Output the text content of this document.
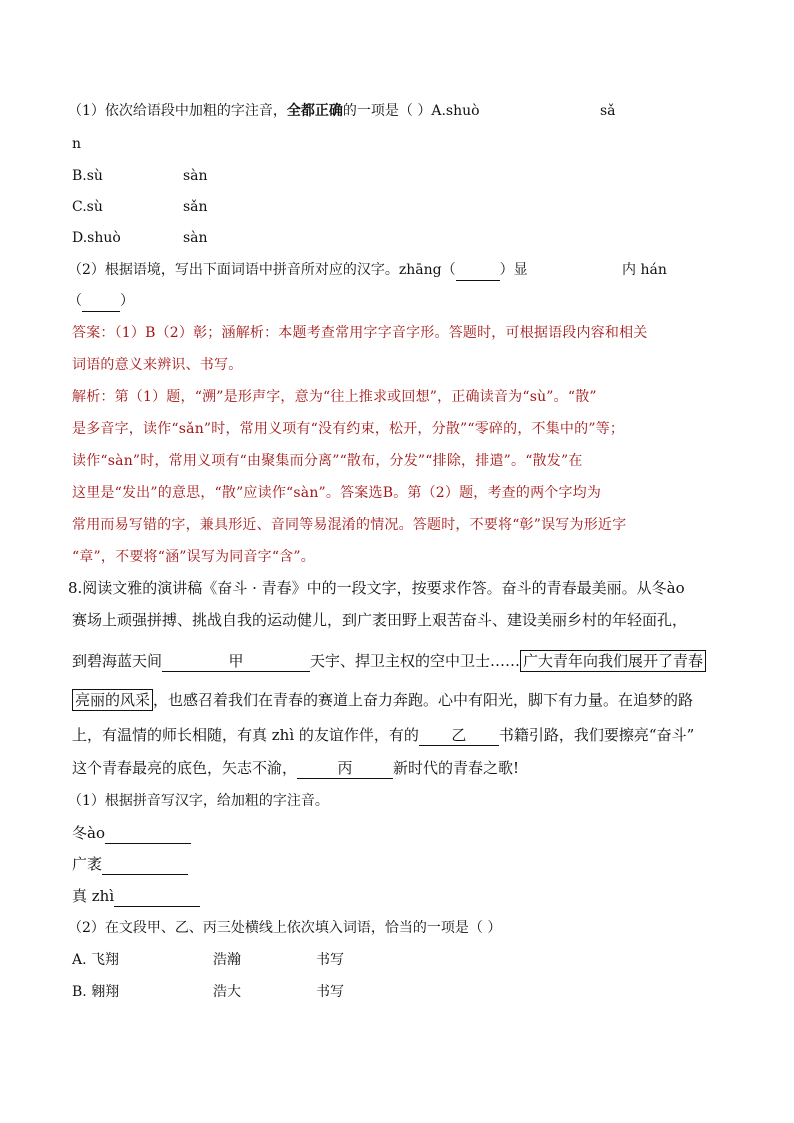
（1）依次给语段中加粗的字注音，全都正确的一项是（ ）A.shuò	sǎ
n
B.sù	sàn
C.sù	sǎn
D.shuò	sàn
（2）根据语境，写出下面词语中拼音所对应的汉字。zhāng（	）显	内 hán
（	）
答案：（1）B（2）彰；涵解析：本题考查常用字字音字形。答题时，可根据语段内容和相关
词语的意义来辨识、书写。
解析：第（1）题，“溯”是形声字，意为“往上推求或回想”，正确读音为“sù”。“散”
是多音字，读作“sǎn”时，常用义项有“没有约束，松开，分散”“零碎的，不集中的”等；
读作“sàn”时，常用义项有“由聚集而分离”“散布，分发”“排除，排遣”。“散发”在
这里是“发出”的意思，“散”应读作“sàn”。答案选B。第（2）题，考查的两个字均为
常用而易写错的字，兼具形近、音同等易混淆的情况。答题时，不要将“彰”误写为形近字
“章”，不要将“涵”误写为同音字“含”。
8.阅读文雅的演讲稿《奋斗 · 青春》中的一段文字，按要求作答。奋斗的青春最美丽。从冬ào
赛场上顽强拼搏、挑战自我的运动健儿，到广袤田野上艰苦奋斗、建设美丽乡村的年轻面孔，
到碧海蓝天间	甲	天宇、捍卫主权的空中卫士…… 广大青年向我们展开了青春
亮丽的风采 ，也感召着我们在青春的赛道上奋力奔跑。心中有阳光，脚下有力量。在追梦的路
上，有温情的师长相随，有真 zhì 的友谊作伴，有的 乙 书籍引路，我们要擦亮“奋斗”
这个青春最亮的底色，矢志不渝，	丙	新时代的青春之歌!
（1）根据拼音写汉字，给加粗的字注音。
冬ào
广袤
真 zhì
（2）在文段甲、乙、丙三处横线上依次填入词语，恰当的一项是（ ）
A. 飞翔	浩瀚	书写
B. 翱翔	浩大	书写
